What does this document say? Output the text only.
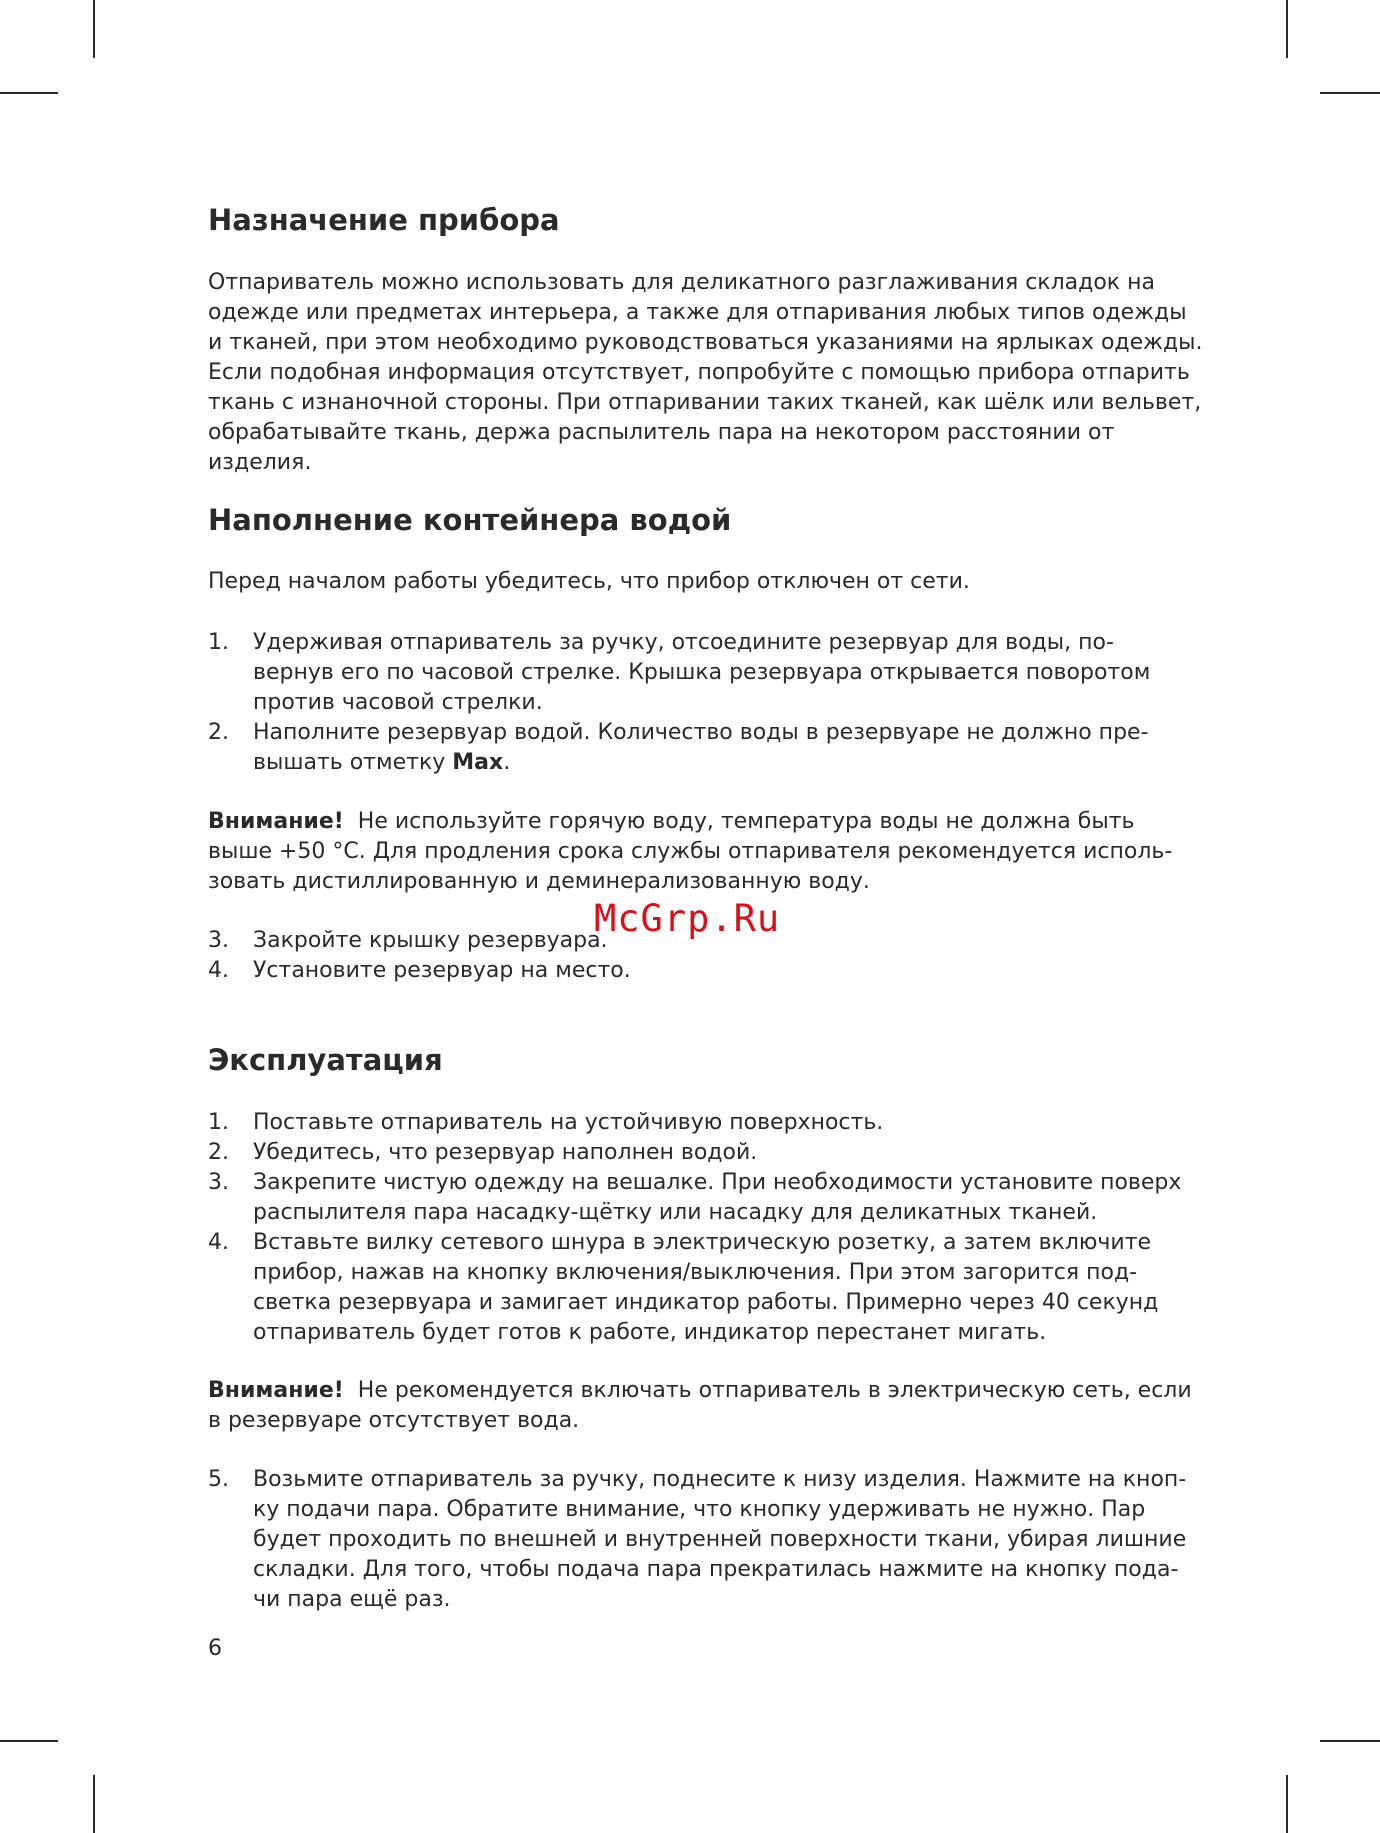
Назначение прибора

Отпариватель можно использовать для деликатного разглаживания складок на

одежде или предметах интерьера, а также для отпаривания любых типов одежды

и тканей, при этом необходимо руководствоваться указаниями на ярлыках одежды.

Если подобная информация отсутствует, попробуйте с помощью прибора отпарить

ткань с изнаночной стороны. При отпаривании таких тканей, как шёлк или вельвет,

обрабатывайте ткань, держа распылитель пара на некотором расстоянии от изделия.

Наполнение контейнера водой

Перед началом работы убедитесь, что прибор отключен от сети.

1. Удерживая отпариватель за ручку, отсоедините резервуар для воды, по-
вернув его по часовой стрелке. Крышка резервуара открывается поворотом
против часовой стрелки.
2. Наполните резервуар водой. Количество воды в резервуаре не должно пре-
вышать отметку Max.

Внимание! Не используйте горячую воду, температура воды не должна быть

выше +50 °С. Для продления срока службы отпаривателя рекомендуется исполь-

зовать дистиллированную и деминерализованную воду.

3. Закройте крышку резервуара.
4. Установите резервуар на место.
McGrp.Ru
Эксплуатация
1. Поставьте отпариватель на устойчивую поверхность.
2. Убедитесь, что резервуар наполнен водой.
3. Закрепите чистую одежду на вешалке. При необходимости установите поверх
распылителя пара насадку-щётку или насадку для деликатных тканей.
4. Вставьте вилку сетевого шнура в электрическую розетку, а затем включите
прибор, нажав на кнопку включения/выключения. При этом загорится под-
светка резервуара и замигает индикатор работы. Примерно через 40 секунд
отпариватель будет готов к работе, индикатор перестанет мигать.

Внимание! Не рекомендуется включать отпариватель в электрическую сеть, если

в резервуаре отсутствует вода.

5. Возьмите отпариватель за ручку, поднесите к низу изделия. Нажмите на кноп-
ку подачи пара. Обратите внимание, что кнопку удерживать не нужно. Пар
будет проходить по внешней и внутренней поверхности ткани, убирая лишние
складки. Для того, чтобы подача пара прекратилась нажмите на кнопку пода-
чи пара ещё раз.
6
